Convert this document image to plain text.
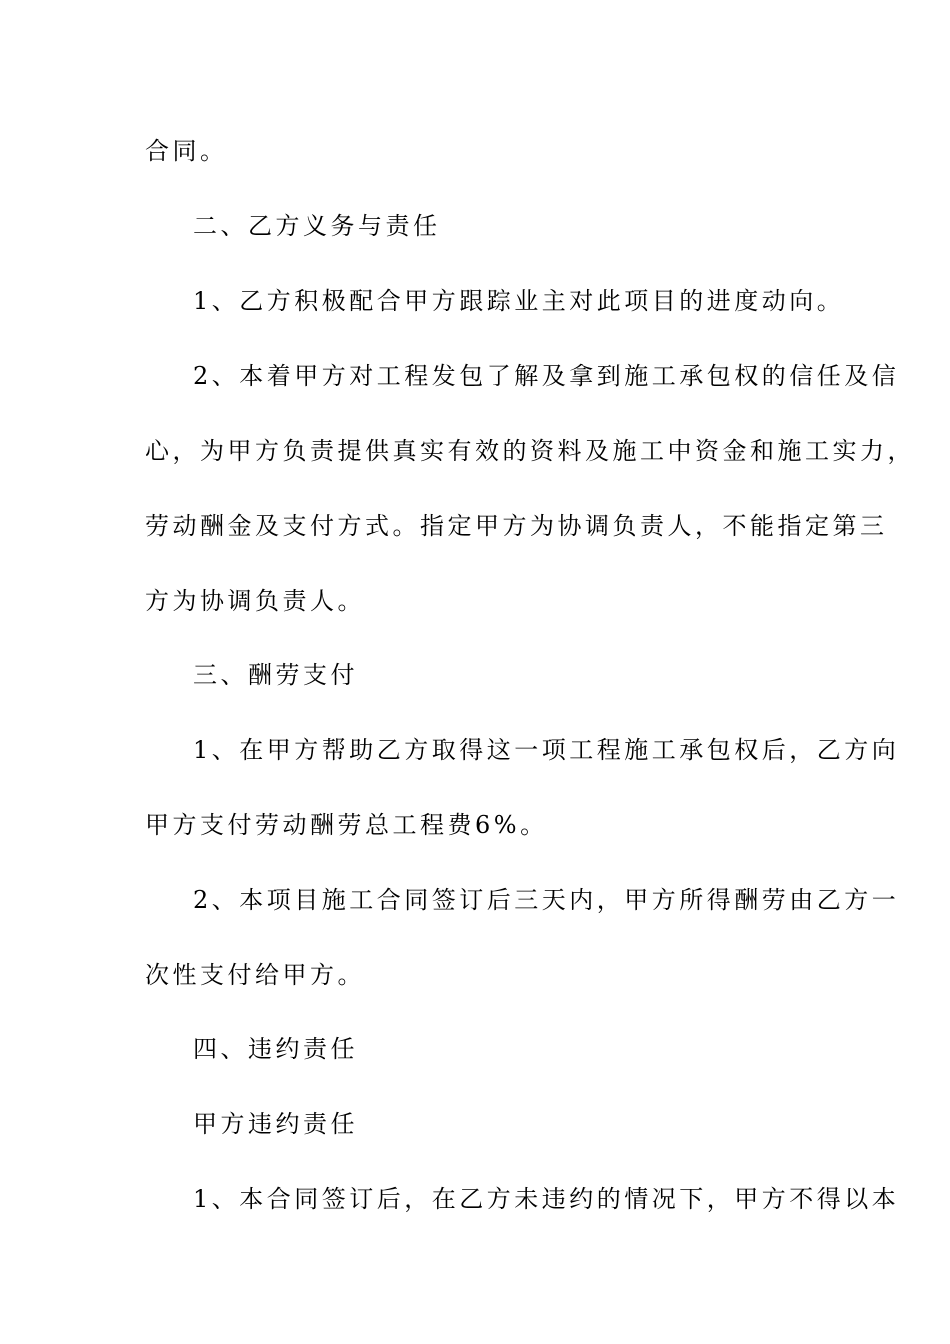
合同。

二、乙方义务与责任

1、乙方积极配合甲方跟踪业主对此项目的进度动向。

2、本着甲方对工程发包了解及拿到施工承包权的信任及信

心，为甲方负责提供真实有效的资料及施工中资金和施工实力，

劳动酬金及支付方式。指定甲方为协调负责人，不能指定第三

方为协调负责人。

三、酬劳支付

1、在甲方帮助乙方取得这一项工程施工承包权后，乙方向

甲方支付劳动酬劳总工程费6%。

2、本项目施工合同签订后三天内，甲方所得酬劳由乙方一

次性支付给甲方。

四、违约责任

甲方违约责任

1、本合同签订后，在乙方未违约的情况下，甲方不得以本
